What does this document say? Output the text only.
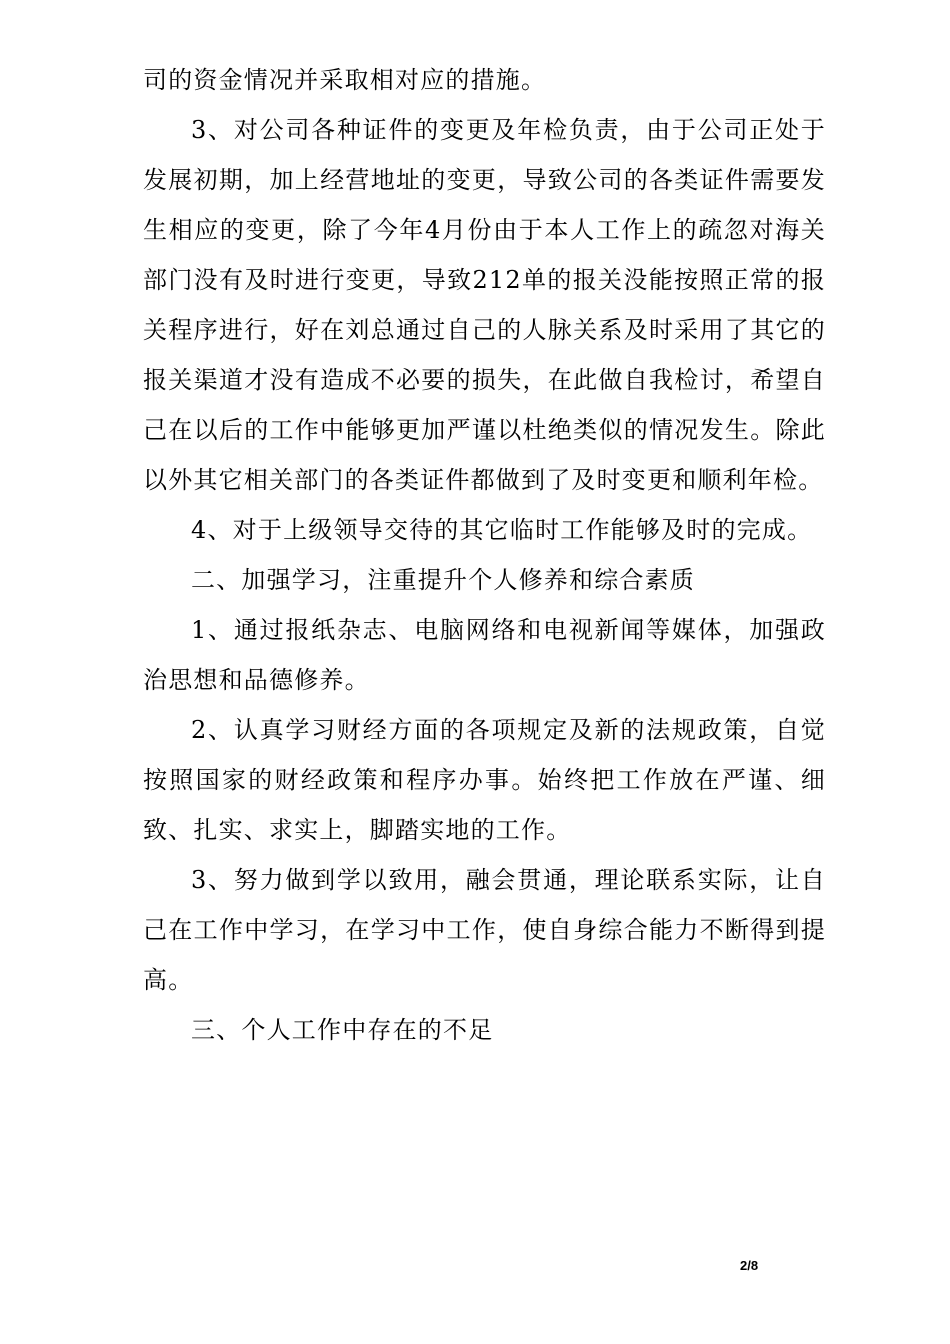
司的资金情况并采取相对应的措施。

3、对公司各种证件的变更及年检负责，由于公司正处于发展初期，加上经营地址的变更，导致公司的各类证件需要发生相应的变更，除了今年4月份由于本人工作上的疏忽对海关部门没有及时进行变更，导致212单的报关没能按照正常的报关程序进行，好在刘总通过自己的人脉关系及时采用了其它的报关渠道才没有造成不必要的损失，在此做自我检讨，希望自己在以后的工作中能够更加严谨以杜绝类似的情况发生。除此以外其它相关部门的各类证件都做到了及时变更和顺利年检。

4、对于上级领导交待的其它临时工作能够及时的完成。

二、加强学习，注重提升个人修养和综合素质

1、通过报纸杂志、电脑网络和电视新闻等媒体，加强政治思想和品德修养。

2、认真学习财经方面的各项规定及新的法规政策，自觉按照国家的财经政策和程序办事。始终把工作放在严谨、细致、扎实、求实上，脚踏实地的工作。

3、努力做到学以致用，融会贯通，理论联系实际，让自己在工作中学习，在学习中工作，使自身综合能力不断得到提高。

三、个人工作中存在的不足

2/8
